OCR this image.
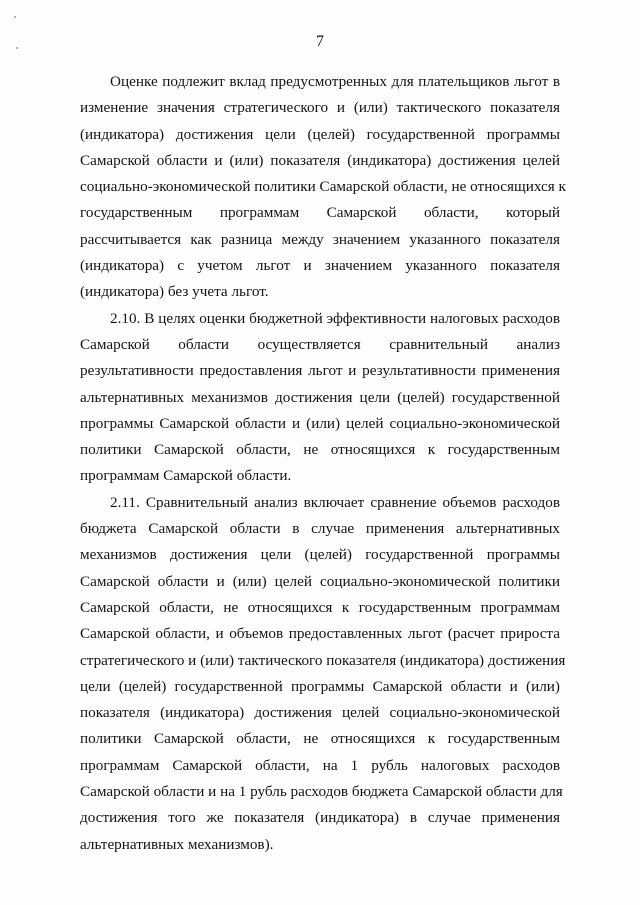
7
Оценке подлежит вклад предусмотренных для плательщиков льгот в
изменение значения стратегического и (или) тактического показателя
(индикатора) достижения цели (целей) государственной программы
Самарской области и (или) показателя (индикатора) достижения целей
социально-экономической политики Самарской области, не относящихся к
государственным программам Самарской области, который
рассчитывается как разница между значением указанного показателя
(индикатора) с учетом льгот и значением указанного показателя
(индикатора) без учета льгот.
2.10. В целях оценки бюджетной эффективности налоговых расходов
Самарской области осуществляется сравнительный анализ
результативности предоставления льгот и результативности применения
альтернативных механизмов достижения цели (целей) государственной
программы Самарской области и (или) целей социально-экономической
политики Самарской области, не относящихся к государственным
программам Самарской области.
2.11. Сравнительный анализ включает сравнение объемов расходов
бюджета Самарской области в случае применения альтернативных
механизмов достижения цели (целей) государственной программы
Самарской области и (или) целей социально-экономической политики
Самарской области, не относящихся к государственным программам
Самарской области, и объемов предоставленных льгот (расчет прироста
стратегического и (или) тактического показателя (индикатора) достижения
цели (целей) государственной программы Самарской области и (или)
показателя (индикатора) достижения целей социально-экономической
политики Самарской области, не относящихся к государственным
программам Самарской области, на 1 рубль налоговых расходов
Самарской области и на 1 рубль расходов бюджета Самарской области для
достижения того же показателя (индикатора) в случае применения
альтернативных механизмов).
